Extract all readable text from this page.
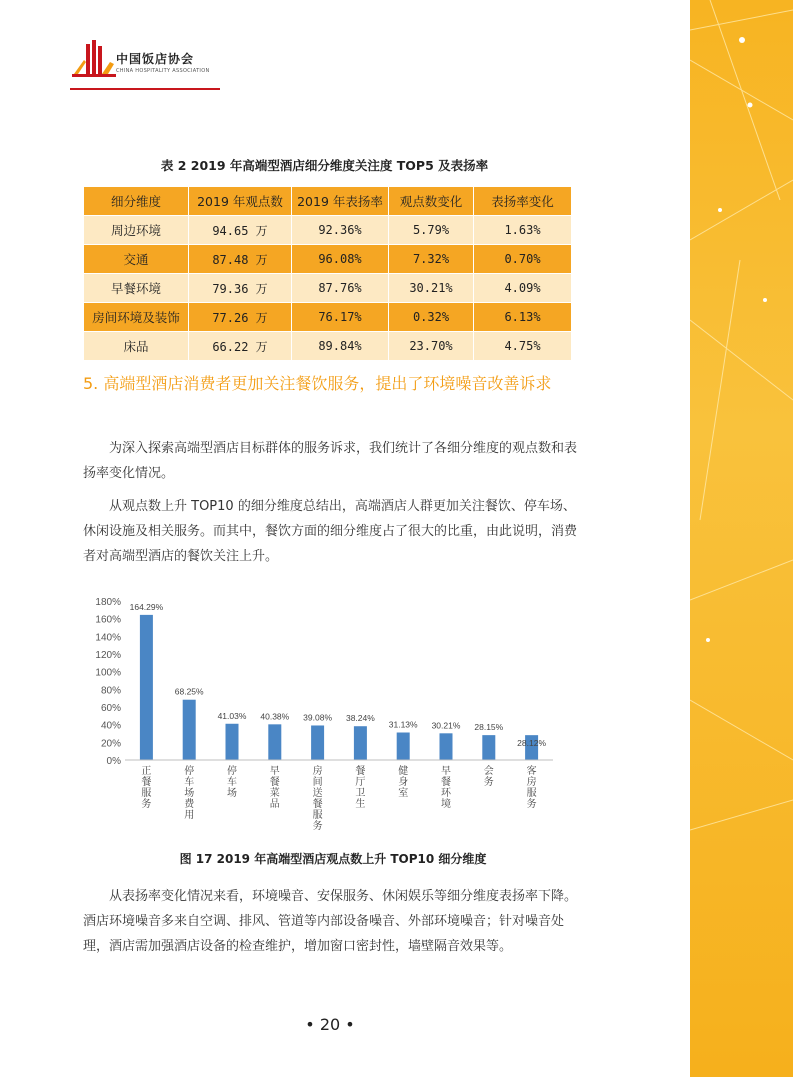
中国饭店协会
CHINA HOSPITALITY ASSOCIATION
表 2 2019 年高端型酒店细分维度关注度 TOP5 及表扬率
细分维度	2019 年观点数	2019 年表扬率	观点数变化	表扬率变化
周边环境	94.65 万	92.36%	5.79%	1.63%
交通	87.48 万	96.08%	7.32%	0.70%
早餐环境	79.36 万	87.76%	30.21%	4.09%
房间环境及装饰	77.26 万	76.17%	0.32%	6.13%
床品	66.22 万	89.84%	23.70%	4.75%
5. 高端型酒店消费者更加关注餐饮服务，提出了环境噪音改善诉求
为深入探索高端型酒店目标群体的服务诉求，我们统计了各细分维度的观点数和表扬率变化情况。
从观点数上升 TOP10 的细分维度总结出，高端酒店人群更加关注餐饮、停车场、休闲设施及相关服务。而其中，餐饮方面的细分维度占了很大的比重，由此说明，消费者对高端型酒店的餐饮关注上升。
0%
20%
40%
60%
80%
100%
120%
140%
160%
180% 164.29%
68.25%
41.03% 40.38% 39.08% 38.24%
31.13% 30.21% 28.15%
28.12%
正餐服务
停车场费用
停车场
早餐菜品
房间送餐服务
餐厅卫生
健身室
早餐环境
会务
客房服务
图 17 2019 年高端型酒店观点数上升 TOP10 细分维度
从表扬率变化情况来看，环境噪音、安保服务、休闲娱乐等细分维度表扬率下降。酒店环境噪音多来自空调、排风、管道等内部设备噪音、外部环境噪音；针对噪音处理，酒店需加强酒店设备的检查维护，增加窗口密封性，墙壁隔音效果等。
• 20 •
